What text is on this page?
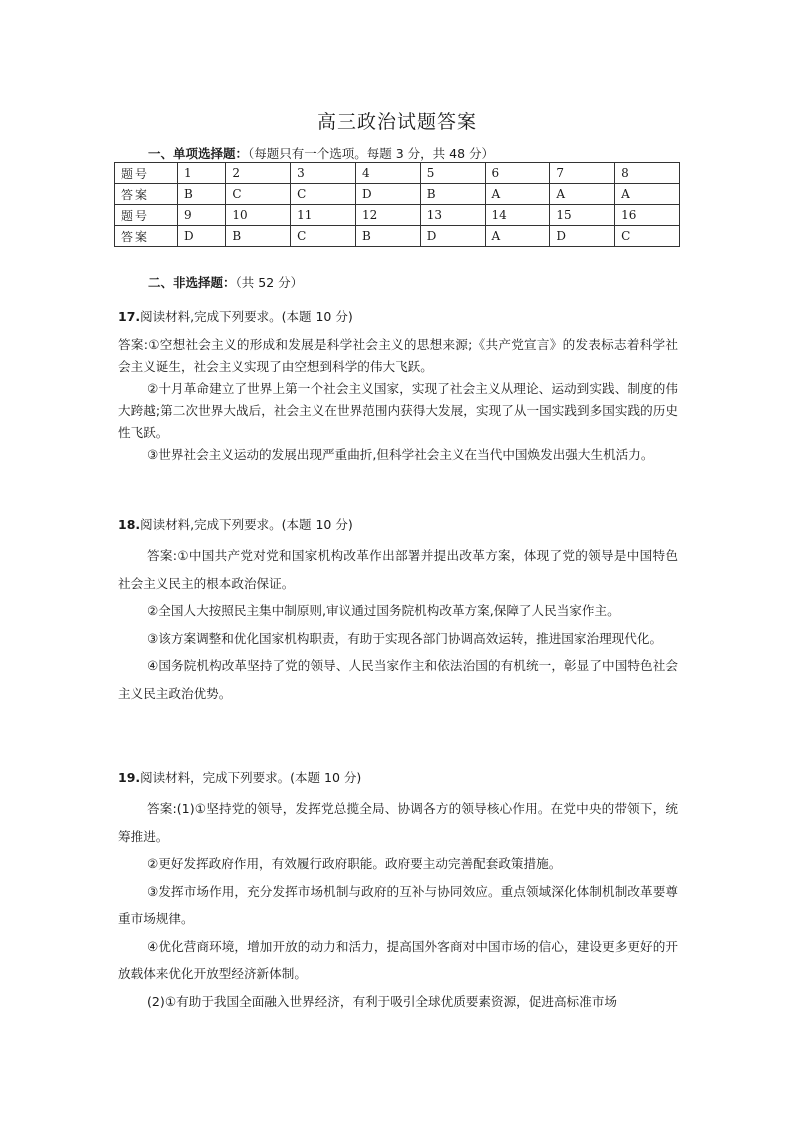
高三政治试题答案
一、单项选择题：（每题只有一个选项。每题 3 分，共 48 分）
题号	1	2	3	4	5	6	7	8
答案	B	C	C	D	B	A	A	A
题号	9	10	11	12	13	14	15	16
答案	D	B	C	B	D	A	D	C
二、非选择题：（共 52 分）
17.阅读材料,完成下列要求。(本题 10 分)

答案:①空想社会主义的形成和发展是科学社会主义的思想来源;《共产党宣言》的发表标志着科学社会主义诞生，社会主义实现了由空想到科学的伟大飞跃。

②十月革命建立了世界上第一个社会主义国家，实现了社会主义从理论、运动到实践、制度的伟大跨越;第二次世界大战后，社会主义在世界范围内获得大发展，实现了从一国实践到多国实践的历史性飞跃。

③世界社会主义运动的发展出现严重曲折,但科学社会主义在当代中国焕发出强大生机活力。

18.阅读材料,完成下列要求。(本题 10 分)

答案:①中国共产党对党和国家机构改革作出部署并提出改革方案，体现了党的领导是中国特色社会主义民主的根本政治保证。

②全国人大按照民主集中制原则,审议通过国务院机构改革方案,保障了人民当家作主。

③该方案调整和优化国家机构职责，有助于实现各部门协调高效运转，推进国家治理现代化。

④国务院机构改革坚持了党的领导、人民当家作主和依法治国的有机统一，彰显了中国特色社会主义民主政治优势。

19.阅读材料，完成下列要求。(本题 10 分)

答案:(1)①坚持党的领导，发挥党总揽全局、协调各方的领导核心作用。在党中央的带领下，统筹推进。

②更好发挥政府作用，有效履行政府职能。政府要主动完善配套政策措施。

③发挥市场作用，充分发挥市场机制与政府的互补与协同效应。重点领域深化体制机制改革要尊重市场规律。

④优化营商环境，增加开放的动力和活力，提高国外客商对中国市场的信心，建设更多更好的开放载体来优化开放型经济新体制。

(2)①有助于我国全面融入世界经济，有利于吸引全球优质要素资源，促进高标准市场
